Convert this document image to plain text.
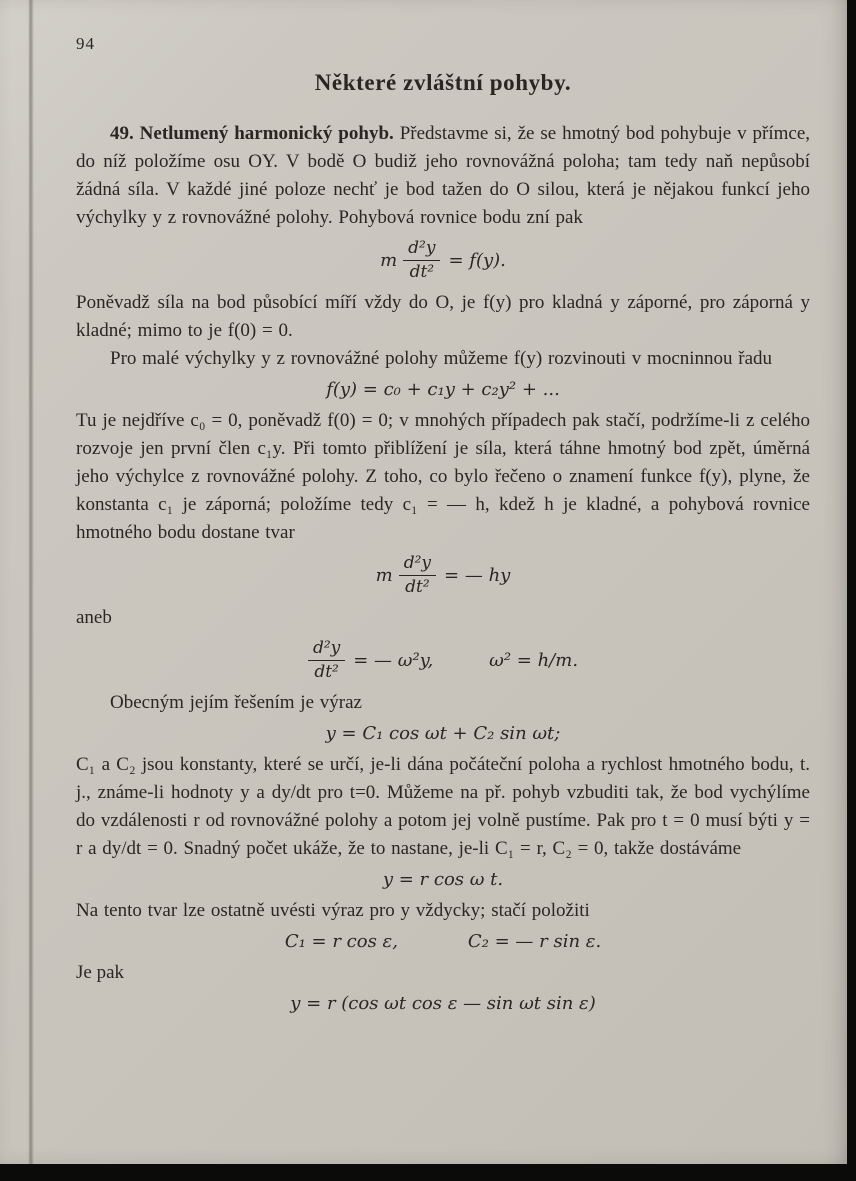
94
Některé zvláštní pohyby.

49. Netlumený harmonický pohyb. Představme si, že se hmotný bod pohybuje v přímce, do níž položíme osu OY. V bodě O budiž jeho rovnovážná poloha; tam tedy naň nepůsobí žádná síla. V každé jiné poloze nechť je bod tažen do O silou, která je nějakou funkcí jeho výchylky y z rovnovážné polohy. Pohybová rovnice bodu zní pak

m $\frac{\text{d²y}}{\text{dt²}} = f(y)$.

Poněvadž síla na bod působící míří vždy do O, je f(y) pro kladná y záporné, pro záporná y kladné; mimo to je f(0) = 0.

Pro malé výchylky y z rovnovážné polohy můžeme f(y) rozvinouti v mocninnou řadu

f(y) = c₀ + c₁y + c₂y² + ...

Tu je nejdříve c₀ = 0, poněvadž f(0) = 0; v mnohých případech pak stačí, podržíme-li z celého rozvoje jen první člen c₁y. Při tomto přiblížení je síla, která táhne hmotný bod zpět, úměrná jeho výchylce z rovnovážné polohy. Z toho, co bylo řečeno o znamení funkce f(y), plyne, že konstanta c₁ je záporná; položíme tedy c₁ = — h, kdež h je kladné, a pohybová rovnice hmotného bodu dostane tvar

m $\frac{\text{d²y}}{\text{dt²}}$ = — hy

aneb

$\frac{\text{d²y}}{\text{dt²}}$ = — ω²y,	ω² = h/m.

Obecným jejím řešením je výraz

y = C₁ cos ωt + C₂ sin ωt;

C₁ a C₂ jsou konstanty, které se určí, je-li dána počáteční poloha a rychlost hmotného bodu, t. j., známe-li hodnoty y a dy/dt pro t=0. Můžeme na př. pohyb vzbuditi tak, že bod vychýlíme do vzdálenosti r od rovnovážné polohy a potom jej volně pustíme. Pak pro t = 0 musí býti y = r a dy/dt = 0. Snadný počet ukáže, že to nastane, je-li C₁ = r, C₂ = 0, takže dostáváme

y = r cos ω t.

Na tento tvar lze ostatně uvésti výraz pro y vždycky; stačí položiti

C₁ = r cos ε,	C₂ = — r sin ε.

Je pak

y = r (cos ωt cos ε — sin ωt sin ε)
